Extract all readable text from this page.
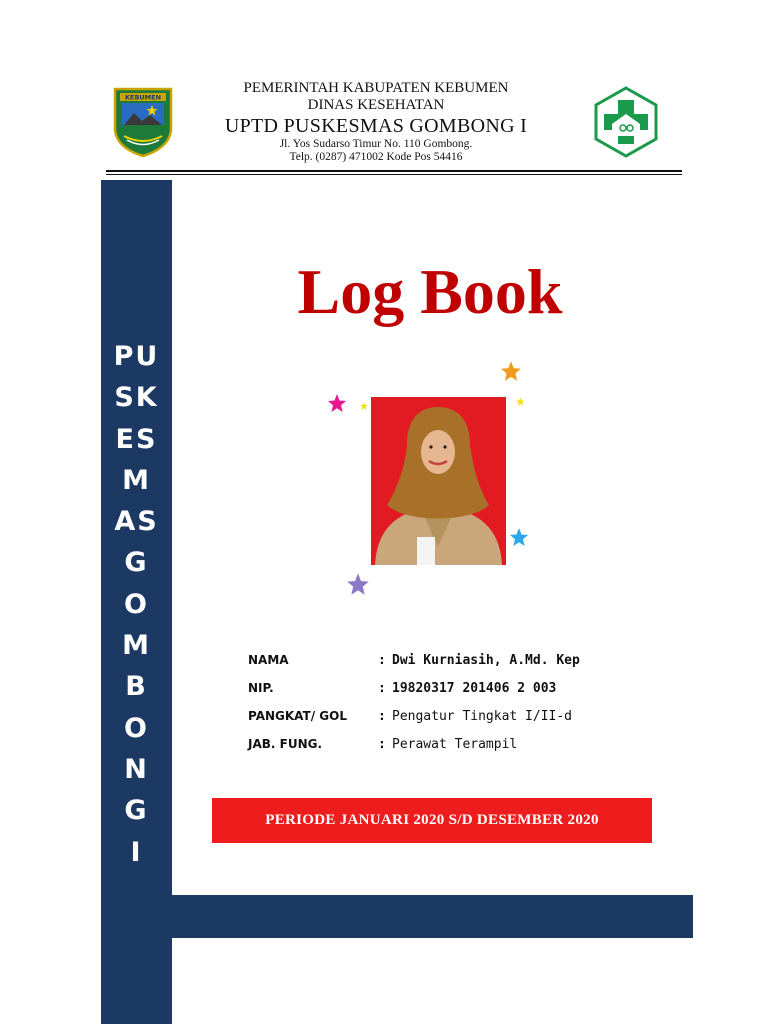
KEBUMEN
PEMERINTAH KABUPATEN KEBUMEN
DINAS KESEHATAN
UPTD PUSKESMAS GOMBONG I
Jl. Yos Sudarso Timur No. 110 Gombong.
Telp. (0287) 471002 Kode Pos 54416
PU
SK
ES
M
AS
G
O
M
B
O
N
G
I
Log Book
NAMA	: Dwi Kurniasih, A.Md. Kep
NIP.	: 19820317 201406 2 003
PANGKAT/ GOL	: Pengatur Tingkat I/II-d
JAB. FUNG.	: Perawat Terampil
PERIODE JANUARI 2020 S/D DESEMBER 2020
